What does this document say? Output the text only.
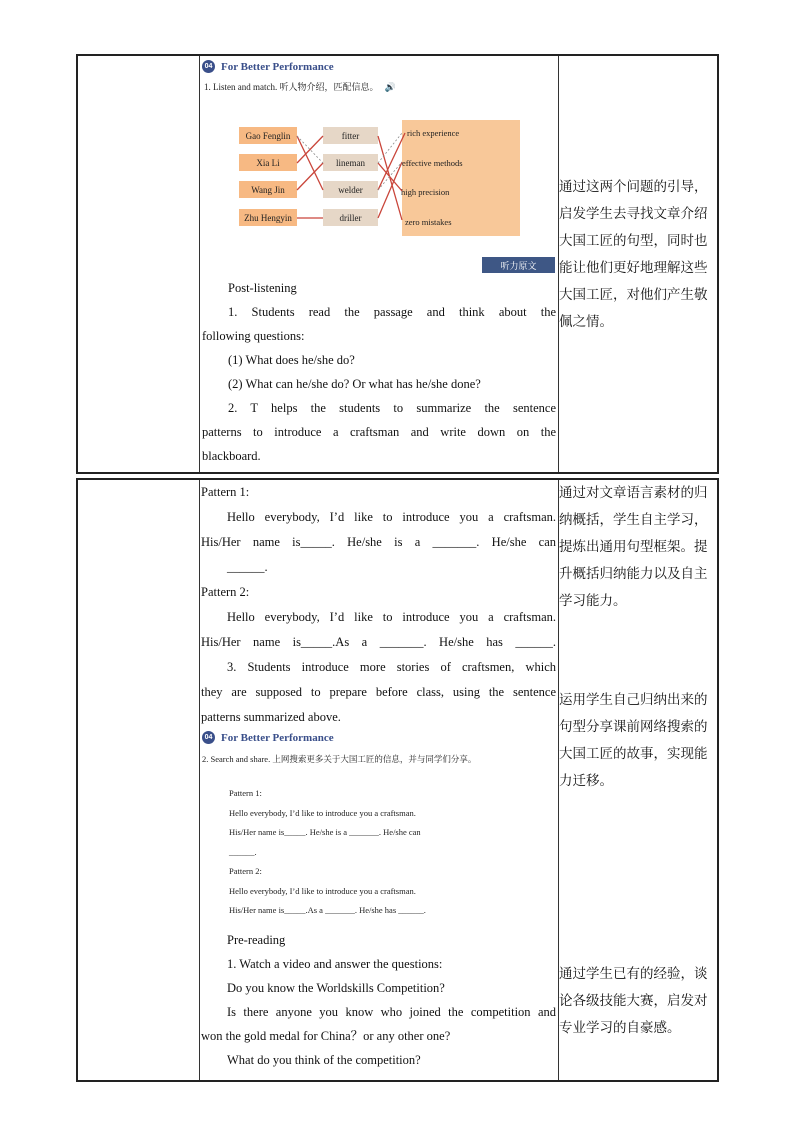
04 For Better Performance
1. Listen and match. 听人物介绍，匹配信息。 🔊
Gao Fenglin
Xia Li
Wang Jin
Zhu Hengyin
fitter
lineman
welder
driller
rich experience
effective methods
high precision
zero mistakes
听力原文
Post-listening
1. Students read the passage and think about the
following questions:
(1) What does he/she do?
(2) What can he/she do? Or what has he/she done?
2. T helps the students to summarize the sentence
patterns to introduce a craftsman and write down on the
blackboard.
通过这两个问题的引导，启发学生去寻找文章介绍大国工匠的句型，同时也能让他们更好地理解这些大国工匠，对他们产生敬佩之情。
Pattern 1:
Hello everybody, I’d like to introduce you a craftsman.
His/Her name is_____. He/she is a _______. He/she can
______.
Pattern 2:
Hello everybody, I’d like to introduce you a craftsman.
His/Her name is_____.As a _______. He/she has ______.
3. Students introduce more stories of craftsmen, which
they are supposed to prepare before class, using the sentence
patterns summarized above.
04 For Better Performance
2. Search and share. 上网搜索更多关于大国工匠的信息，并与同学们分享。
Pattern 1:
Hello everybody, I’d like to introduce you a craftsman.
His/Her name is_____. He/she is a _______. He/she can
______.
Pattern 2:
Hello everybody, I’d like to introduce you a craftsman.
His/Her name is_____.As a _______. He/she has ______.
Pre-reading
1. Watch a video and answer the questions:
Do you know the Worldskills Competition?
Is there anyone you know who joined the competition and
won the gold medal for China？or any other one?
What do you think of the competition?
通过对文章语言素材的归纳概括，学生自主学习，提炼出通用句型框架。提升概括归纳能力以及自主学习能力。
运用学生自己归纳出来的句型分享课前网络搜索的大国工匠的故事，实现能力迁移。
通过学生已有的经验，谈论各级技能大赛，启发对专业学习的自豪感。
